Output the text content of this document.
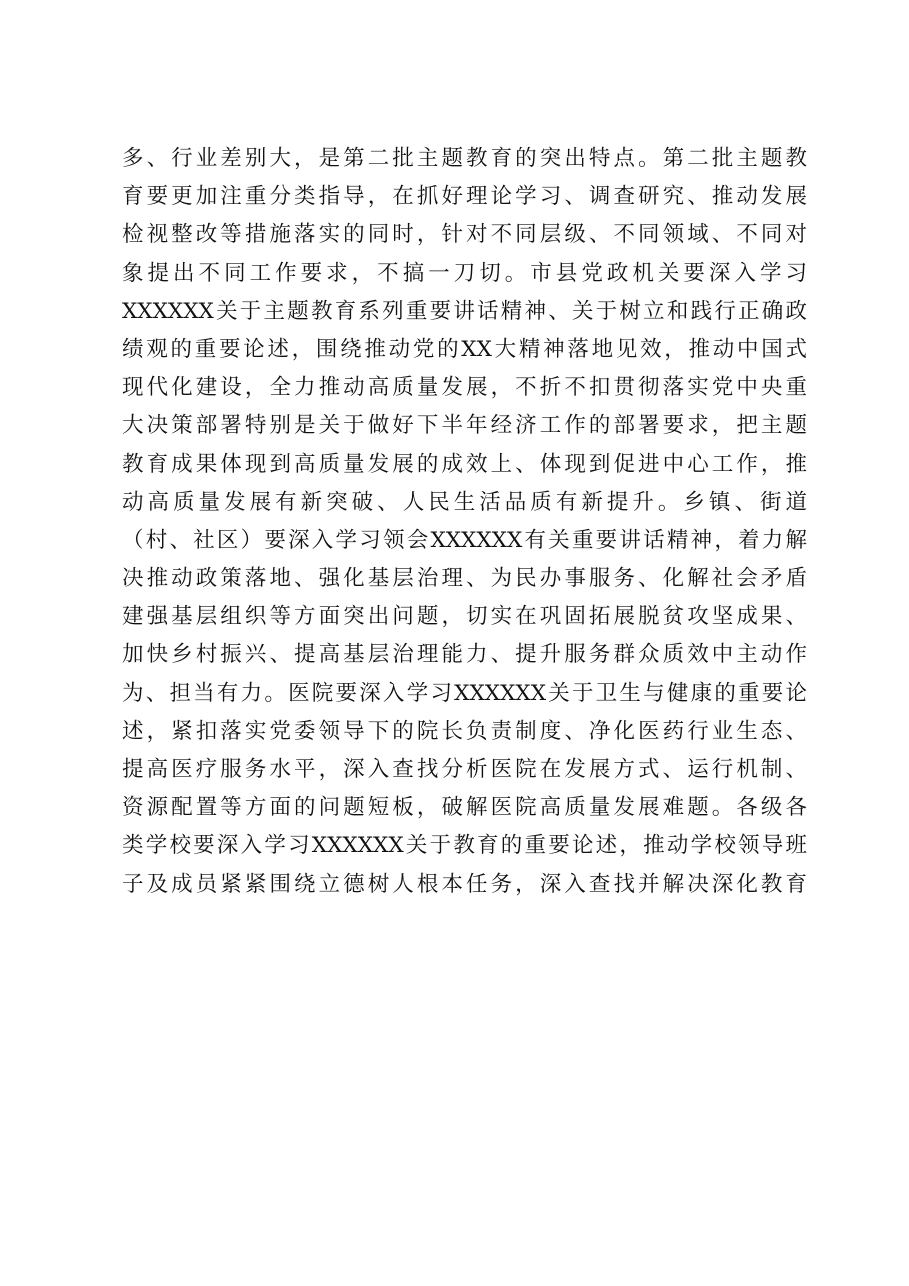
多、行业差别大，是第二批主题教育的突出特点。第二批主题教
育要更加注重分类指导，在抓好理论学习、调查研究、推动发展
检视整改等措施落实的同时，针对不同层级、不同领域、不同对
象提出不同工作要求，不搞一刀切。市县党政机关要深入学习
XXXXXX关于主题教育系列重要讲话精神、关于树立和践行正确政
绩观的重要论述，围绕推动党的XX大精神落地见效，推动中国式
现代化建设，全力推动高质量发展，不折不扣贯彻落实党中央重
大决策部署特别是关于做好下半年经济工作的部署要求，把主题
教育成果体现到高质量发展的成效上、体现到促进中心工作，推
动高质量发展有新突破、人民生活品质有新提升。乡镇、街道
（村、社区）要深入学习领会XXXXXX有关重要讲话精神，着力解
决推动政策落地、强化基层治理、为民办事服务、化解社会矛盾
建强基层组织等方面突出问题，切实在巩固拓展脱贫攻坚成果、
加快乡村振兴、提高基层治理能力、提升服务群众质效中主动作
为、担当有力。医院要深入学习XXXXXX关于卫生与健康的重要论
述，紧扣落实党委领导下的院长负责制度、净化医药行业生态、
提高医疗服务水平，深入查找分析医院在发展方式、运行机制、
资源配置等方面的问题短板，破解医院高质量发展难题。各级各
类学校要深入学习XXXXXX关于教育的重要论述，推动学校领导班
子及成员紧紧围绕立德树人根本任务，深入查找并解决深化教育
